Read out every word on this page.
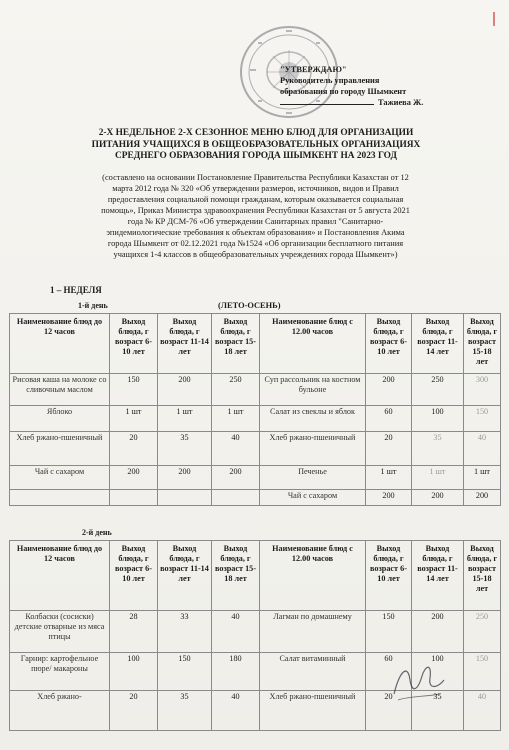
"УТВЕРЖДАЮ"
Руководитель управления
образования по городу Шымкент
Тажиева Ж.
2-Х НЕДЕЛЬНОЕ 2-Х СЕЗОННОЕ МЕНЮ БЛЮД ДЛЯ ОРГАНИЗАЦИИ
ПИТАНИЯ УЧАЩИХСЯ В ОБЩЕОБРАЗОВАТЕЛЬНЫХ ОРГАНИЗАЦИЯХ
СРЕДНЕГО ОБРАЗОВАНИЯ ГОРОДА ШЫМКЕНТ НА 2023 ГОД
(составлено на основании Постановление Правительства Республики Казахстан от 12
марта 2012 года № 320 «Об утверждении размеров, источников, видов и Правил
предоставления социальной помощи гражданам, которым оказывается социальная
помощь», Приказ Министра здравоохранения Республики Казахстан от 5 августа 2021
года № КР ДСМ-76 «Об утверждении Санитарных правил "Санитарно-
эпидемиологические требования к объектам образования» и Постановления Акима
города Шымкент от 02.12.2021 года №1524 «Об организации бесплатного питания
учащихся 1-4 классов в общеобразовательных учреждениях города Шымкент»)
1 – НЕДЕЛЯ
1-й день	(ЛЕТО-ОСЕНЬ)
Наименование блюд до 12 часов	Выход блюда, г возраст 6-10 лет	Выход блюда, г возраст 11-14 лет	Выход блюда, г возраст 15-18 лет	Наименование блюд с 12.00 часов	Выход блюда, г возраст 6-10 лет	Выход блюда, г возраст 11-14 лет	Выход блюда, г возраст 15-18 лет
Рисовая каша на молоке со сливочным маслом	150	200	250	Суп рассольник на костном бульоне	200	250	300
Яблоко	1 шт	1 шт	1 шт	Салат из свеклы и яблок	60	100	150
Хлеб ржано-пшеничный	20	35	40	Хлеб ржано-пшеничный	20	35	40
Чай с сахаром	200	200	200	Печенье	1 шт	1 шт	1 шт
				Чай с сахаром	200	200	200
2-й день
Наименование блюд до 12 часов	Выход блюда, г возраст 6-10 лет	Выход блюда, г возраст 11-14 лет	Выход блюда, г возраст 15-18 лет	Наименование блюд с 12.00 часов	Выход блюда, г возраст 6-10 лет	Выход блюда, г возраст 11-14 лет	Выход блюда, г возраст 15-18 лет
Колбаски (сосиски) детские отварные из мяса птицы	28	33	40	Лагман по домашнему	150	200	250
Гарнир: картофельное пюре/ макароны	100	150	180	Салат витаминный	60	100	150
Хлеб ржано-	20	35	40	Хлеб ржано-пшеничный	20	35	40
